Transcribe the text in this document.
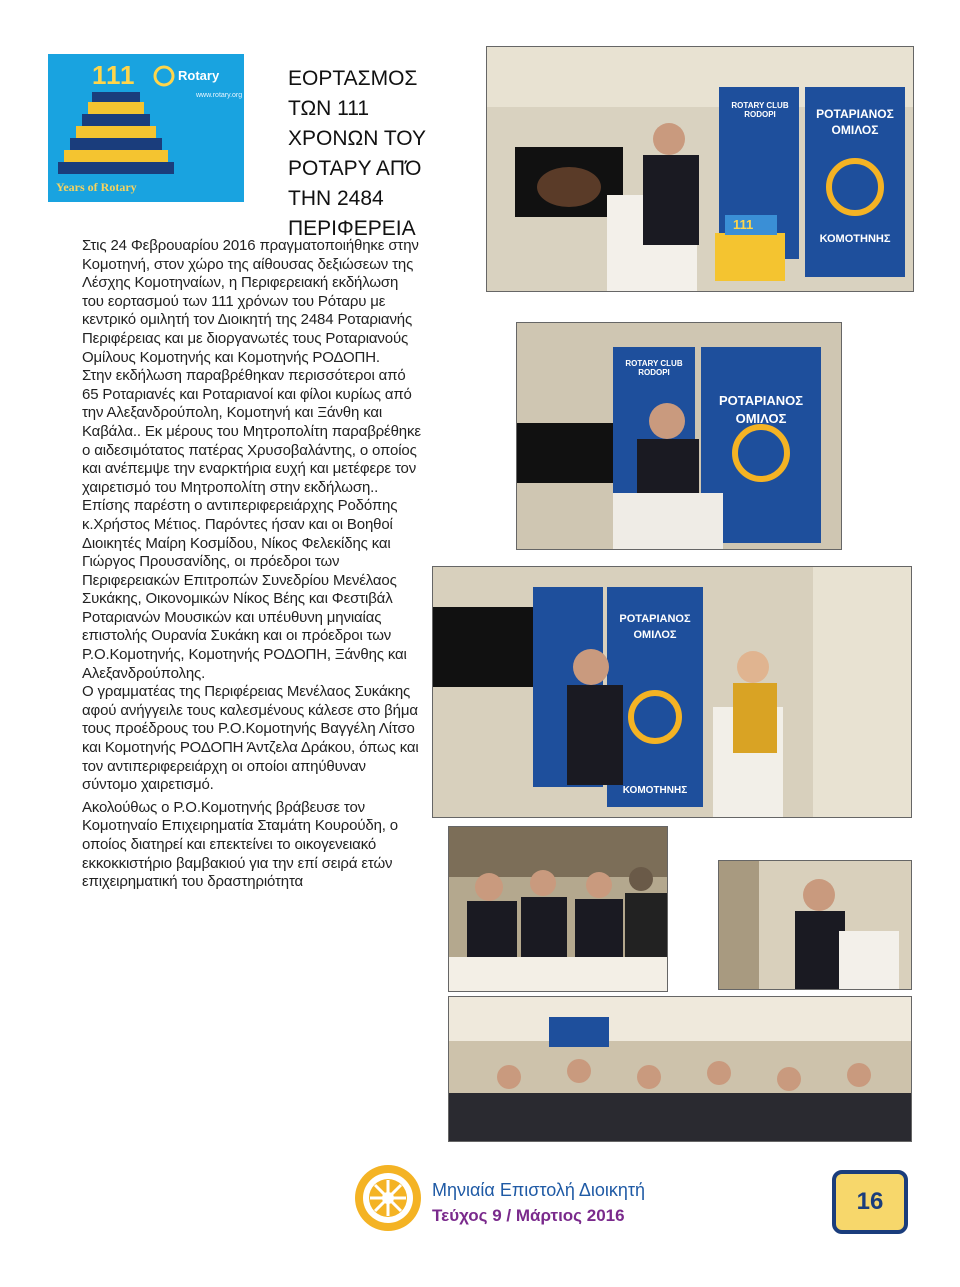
111	Rotary
www.rotary.org
Years of Rotary
ΕΟΡΤΑΣΜΟΣ ΤΩΝ 111 ΧΡΟΝΩΝ ΤΟΥ ΡΟΤΑΡΥ ΑΠΌ ΤΗΝ 2484 ΠΕΡΙΦΕΡΕΙΑ

Στις 24 Φεβρουαρίου 2016 πραγματοποιήθηκε στην Κομοτηνή, στον χώρο της αίθουσας δεξιώσεων της Λέσχης Κομοτηναίων, η Περιφερειακή εκδήλωση του εορτασμού των 111 χρόνων του Ρόταρυ με κεντρικό ομιλητή τον Διοικητή της 2484 Ροταριανής Περιφέρειας και με διοργανωτές τους Ροταριανούς Ομίλους Κομοτηνής και Κομοτηνής ΡΟΔΟΠΗ.

Στην εκδήλωση παραβρέθηκαν περισσότεροι από 65 Ροταριανές και Ροταριανοί και φίλοι κυρίως από την Αλεξανδρούπολη, Κομοτηνή και Ξάνθη και Καβάλα.. Εκ μέρους του Μητροπολίτη παραβρέθηκε ο αιδεσιμότατος πατέρας Χρυσοβαλάντης, ο οποίος και ανέπεμψε την εναρκτήρια ευχή και μετέφερε τον χαιρετισμό του Μητροπολίτη στην εκδήλωση.. Επίσης παρέστη ο αντιπεριφερειάρχης Ροδόπης κ.Χρήστος Μέτιος. Παρόντες ήσαν και οι Βοηθοί Διοικητές Μαίρη Κοσμίδου, Νίκος Φελεκίδης και Γιώργος Προυσανίδης, οι πρόεδροι των Περιφερειακών Επιτροπών Συνεδρίου Μενέλαος Συκάκης, Οικονομικών Νίκος Βέης και Φεστιβάλ Ροταριανών Μουσικών και υπέυθυνη μηνιαίας επιστολής Ουρανία Συκάκη και οι πρόεδροι των Ρ.Ο.Κομοτηνής, Κομοτηνής ΡΟΔΟΠΗ, Ξάνθης και Αλεξανδρούπολης.

Ο γραμματέας της Περιφέρειας Μενέλαος Συκάκης αφού ανήγγειλε τους καλεσμένους κάλεσε στο βήμα τους προέδρους του Ρ.Ο.Κομοτηνής Βαγγέλη Λίτσο και Κομοτηνής ΡΟΔΟΠΗ Άντζελα Δράκου, όπως και τον αντιπεριφερειάρχη οι οποίοι απηύθυναν σύντομο χαιρετισμό.

Ακολούθως ο Ρ.Ο.Κομοτηνής βράβευσε τον Κομοτηναίο Επιχειρηματία Σταμάτη Κουρούδη, ο οποίος διατηρεί και επεκτείνει το οικογενειακό εκκοκκιστήριο βαμβακιού για την επί σειρά ετών επιχειρηματική του δραστηριότητα

ROTARY CLUB RODOPI	ΡΟΤΑΡΙΑΝΟΣ
ΟΜΙΛΟΣ
ΚΟΜΟΤΗΝΗΣ
111
ROTARY CLUB RODOPI
ΡΟΤΑΡΙΑΝΟΣ
ΟΜΙΛΟΣ
ΡΟΤΑΡΙΑΝΟΣ
ΟΜΙΛΟΣ
ΚΟΜΟΤΗΝΗΣ
Μηνιαία Επιστολή Διοικητή
Τεύχος 9 / Μάρτιος 2016
16
